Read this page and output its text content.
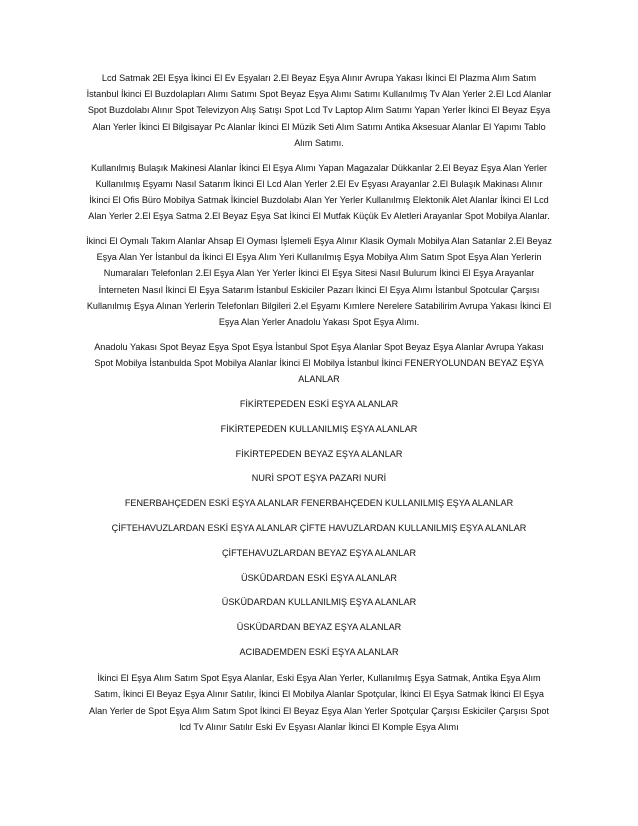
Lcd Satmak 2El Eşya İkinci El Ev Eşyaları 2.El Beyaz Eşya Alınır Avrupa Yakası İkinci El Plazma Alım Satım İstanbul İkinci El Buzdolapları Alımı Satımı Spot Beyaz Eşya Alımı Satımı Kullanılmış Tv Alan Yerler 2.El Lcd Alanlar Spot Buzdolabı Alınır Spot Televizyon Alış Satışı Spot Lcd Tv Laptop Alım Satımı Yapan Yerler İkinci El Beyaz Eşya Alan Yerler İkinci El Bilgisayar Pc Alanlar İkinci El Müzik Seti Alım Satımı Antika Aksesuar Alanlar El Yapımı Tablo Alım Satımı.

Kullanılmış Bulaşık Makinesi Alanlar İkinci El Eşya Alımı Yapan Magazalar Dükkanlar 2.El Beyaz Eşya Alan Yerler Kullanılmış Eşyamı Nasıl Satarım İkinci El Lcd Alan Yerler 2.El Ev Eşyası Arayanlar 2.El Bulaşık Makinası Alınır İkinci El Ofis Büro Mobilya Satmak İkinciel Buzdolabı Alan Yer Yerler Kullanılmış Elektonik Alet Alanlar İkinci El Lcd Alan Yerler 2.El Eşya Satma 2.El Beyaz Eşya Sat İkinci El Mutfak Küçük Ev Aletleri Arayanlar Spot Mobilya Alanlar.

İkinci El Oymalı Takım Alanlar Ahsap El Oyması İşlemeli Eşya Alınır Klasik Oymalı Mobilya Alan Satanlar 2.El Beyaz Eşya Alan Yer İstanbul da İkinci El Eşya Alım Yeri Kullanılmış Eşya Mobilya Alım Satım Spot Eşya Alan Yerlerin Numaraları Telefonları 2.El Eşya Alan Yer Yerler İkinci El Eşya Sitesi Nasıl Bulurum İkinci El Eşya Arayanlar İnterneten Nasıl İkinci El Eşya Satarım İstanbul Eskiciler Pazarı İkinci El Eşya Alımı İstanbul Spotcular Çarşısı Kullanılmış Eşya Alınan Yerlerin Telefonları Bilgileri 2.el Eşyamı Kımlere Nerelere Satabilirim Avrupa Yakası İkinci El Eşya Alan Yerler Anadolu Yakası Spot Eşya Alımı.

Anadolu Yakası Spot Beyaz Eşya Spot Eşya İstanbul Spot Eşya Alanlar Spot Beyaz Eşya Alanlar Avrupa Yakası Spot Mobilya İstanbulda Spot Mobilya Alanlar İkinci El Mobilya İstanbul İkinci FENERYOLUNDAN BEYAZ EŞYA ALANLAR

FİKİRTEPEDEN ESKİ EŞYA ALANLAR

FİKİRTEPEDEN KULLANILMIŞ EŞYA ALANLAR

FİKİRTEPEDEN BEYAZ EŞYA ALANLAR

NURİ SPOT EŞYA PAZARI NURİ

FENERBAHÇEDEN ESKİ EŞYA ALANLAR FENERBAHÇEDEN KULLANILMIŞ EŞYA ALANLAR

ÇİFTEHAVUZLARDAN ESKİ EŞYA ALANLAR ÇİFTE HAVUZLARDAN KULLANILMIŞ EŞYA ALANLAR

ÇİFTEHAVUZLARDAN BEYAZ EŞYA ALANLAR

ÜSKÜDARDAN ESKİ EŞYA ALANLAR

ÜSKÜDARDAN KULLANILMIŞ EŞYA ALANLAR

ÜSKÜDARDAN BEYAZ EŞYA ALANLAR

ACIBADEMDEN ESKİ EŞYA ALANLAR

İkinci El Eşya Alım Satım Spot Eşya Alanlar, Eski Eşya Alan Yerler, Kullanılmış Eşya Satmak, Antika Eşya Alım Satım, İkinci El Beyaz Eşya Alınır Satılır, İkinci El Mobilya Alanlar Spotçular, İkinci El Eşya Satmak İkinci El Eşya Alan Yerler de Spot Eşya Alım Satım Spot İkinci El Beyaz Eşya Alan Yerler Spotçular Çarşısı Eskiciler Çarşısı Spot lcd Tv Alınır Satılır Eski Ev Eşyası Alanlar İkinci El Komple Eşya Alımı
